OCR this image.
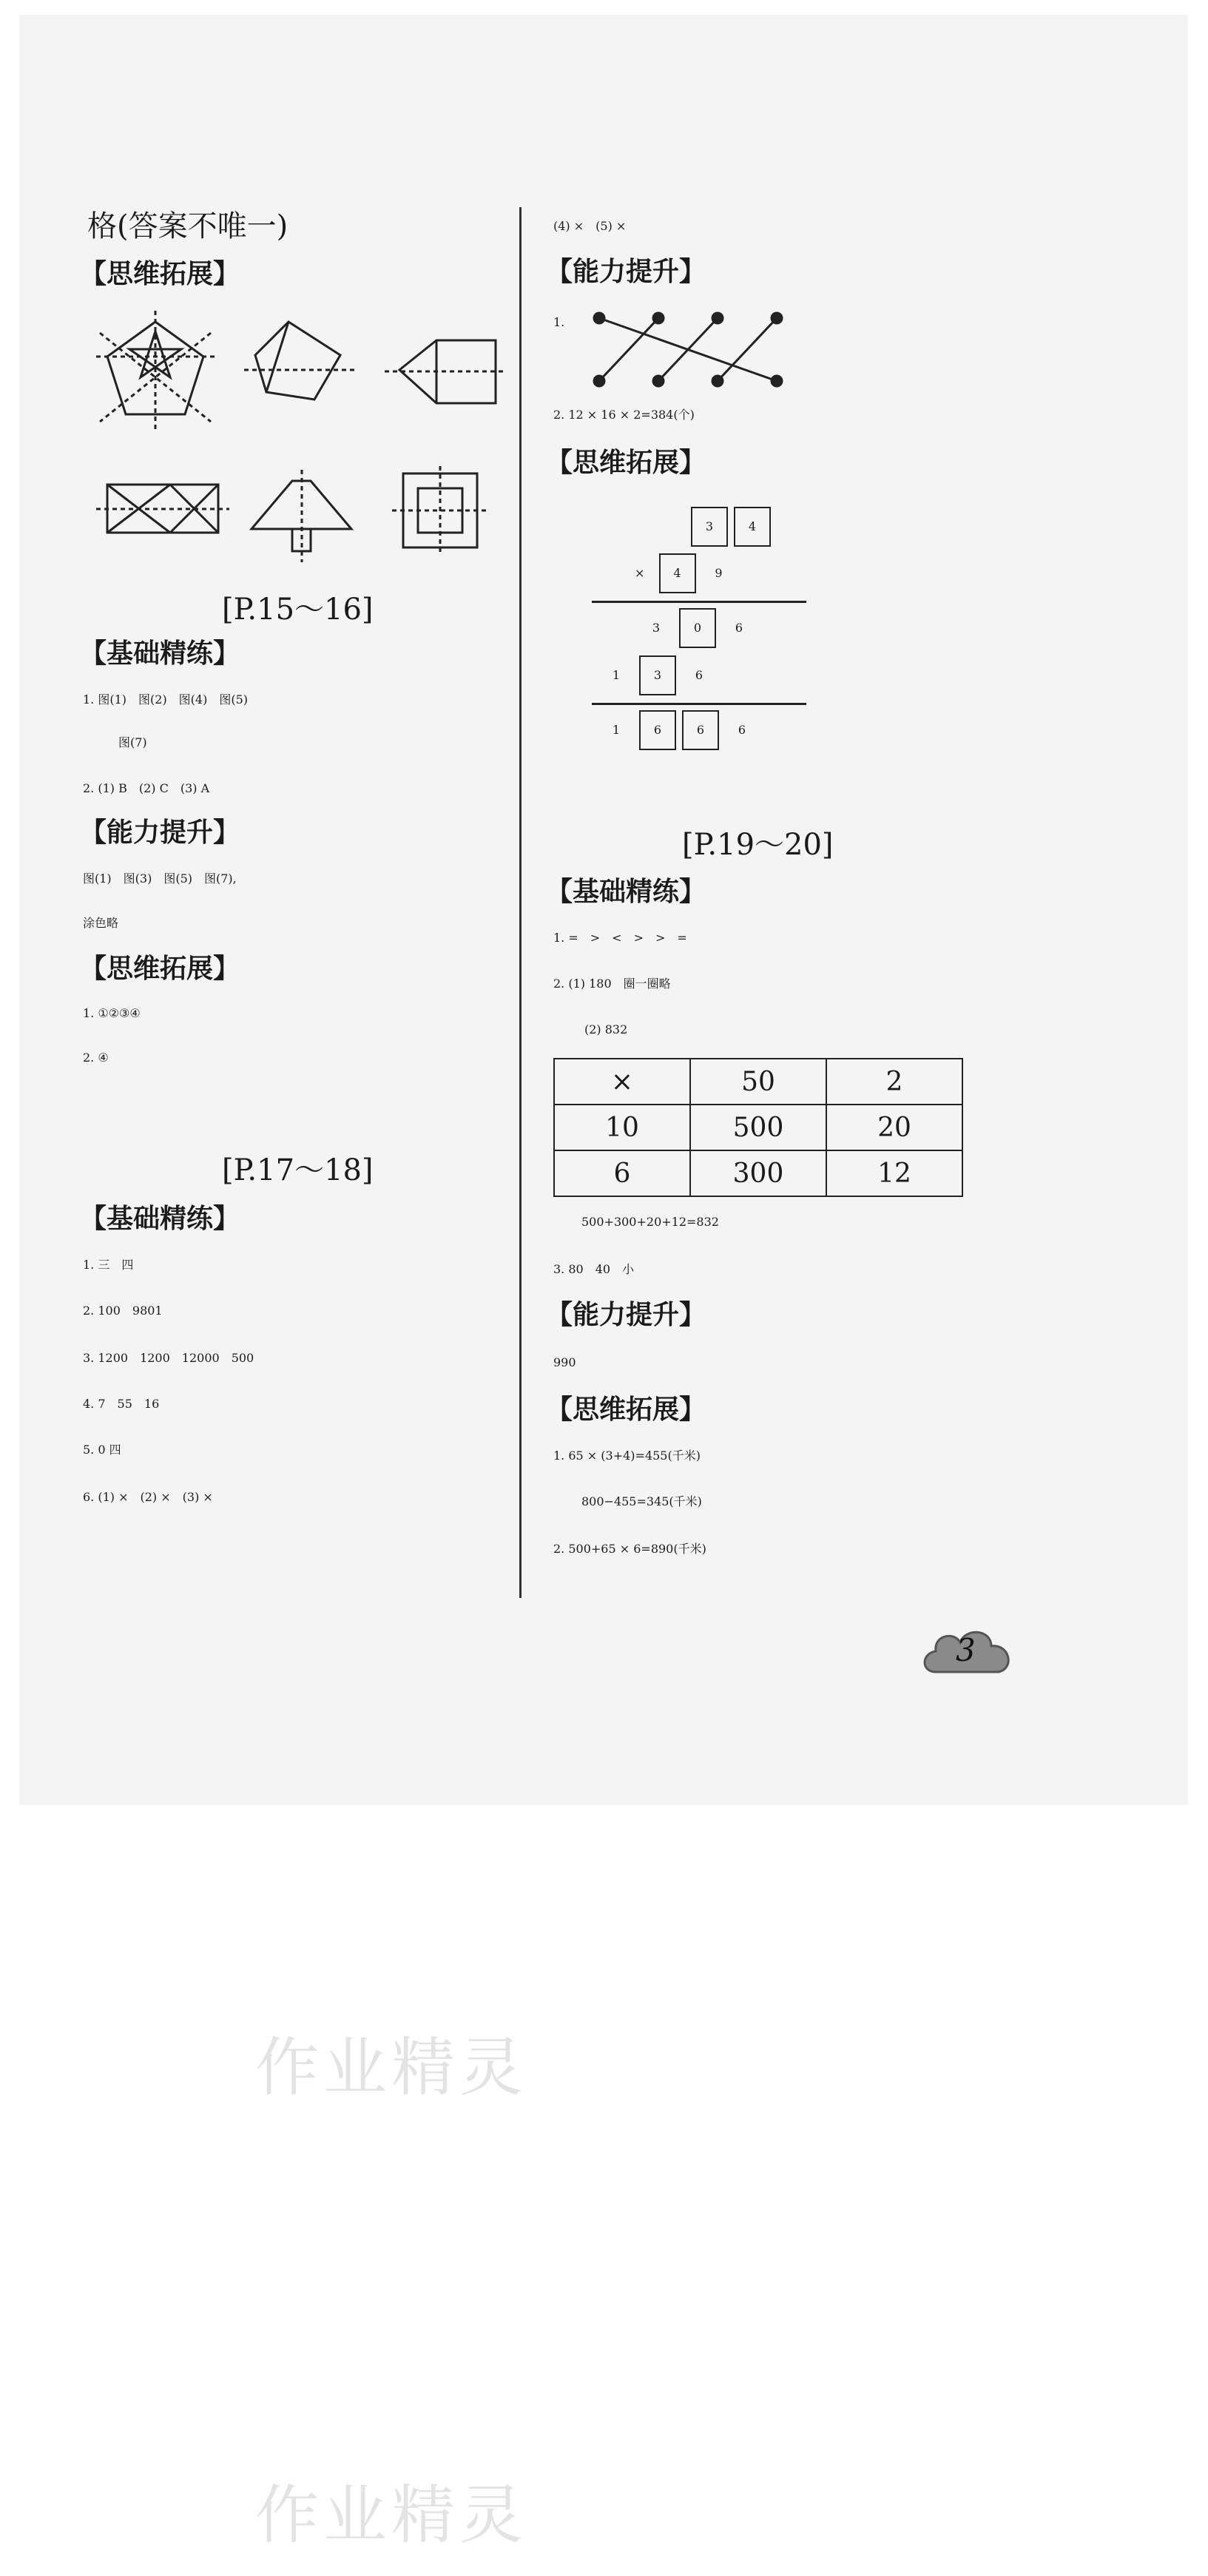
格(答案不唯一)
【思维拓展】
[P.15～16]
【基础精练】
1. 图(1)　图(2)　图(4)　图(5)
图(7)
2. (1) B　(2) C　(3) A
【能力提升】
图(1)　图(3)　图(5)　图(7),
涂色略
【思维拓展】
1. ①②③④
2. ④
[P.17～18]
【基础精练】
1. 三　四
2. 100　9801
3. 1200　1200　12000　500
4. 7　55　16
5. 0 四
6. (1) ×　(2) ×　(3) ×
(4) ×　(5) ×
【能力提升】
1.
2. 12 × 16 × 2=384(个)
【思维拓展】
3	4
× 4	9
3	0	6
1	3	6
1	6	6	6
[P.19～20]
【基础精练】
1. =　>　<　>　>　=
2. (1) 180　圈一圈略
(2) 832
×	50	2
10	500	20
6	300	12
500+300+20+12=832
3. 80　40　小
【能力提升】
990
【思维拓展】
1. 65 × (3+4)=455(千米)
800−455=345(千米)
2. 500+65 × 6=890(千米)
3
作业精灵
作业精灵
